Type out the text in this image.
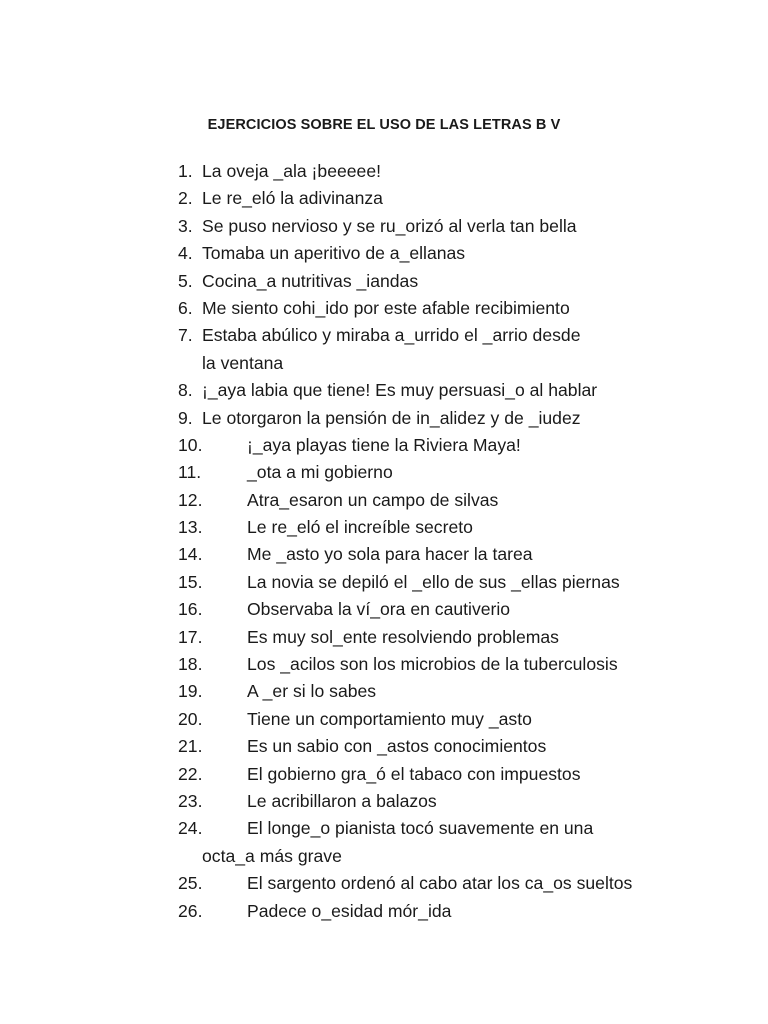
EJERCICIOS SOBRE EL USO DE LAS LETRAS B V
1. La oveja _ala ¡beeeee!
2. Le re_eló la adivinanza
3. Se puso nervioso y se ru_orizó al verla tan bella
4. Tomaba un aperitivo de a_ellanas
5. Cocina_a nutritivas _iandas
6. Me siento cohi_ido por este afable recibimiento
7. Estaba abúlico y miraba a_urrido el _arrio desde
la ventana
8. ¡_aya labia que tiene! Es muy persuasi_o al hablar
9. Le otorgaron la pensión de in_alidez y de _iudez
10.	¡_aya playas tiene la Riviera Maya!
11.	_ota a mi gobierno
12.	Atra_esaron un campo de silvas
13.	Le re_eló el increíble secreto
14.	Me _asto yo sola para hacer la tarea
15.	La novia se depiló el _ello de sus _ellas piernas
16.	Observaba la ví_ora en cautiverio
17.	Es muy sol_ente resolviendo problemas
18.	Los _acilos son los microbios de la tuberculosis
19.	A _er si lo sabes
20.	Tiene un comportamiento muy _asto
21.	Es un sabio con _astos conocimientos
22.	El gobierno gra_ó el tabaco con impuestos
23.	Le acribillaron a balazos
24.	El longe_o pianista tocó suavemente en una
octa_a más grave
25.	El sargento ordenó al cabo atar los ca_os sueltos
26.	Padece o_esidad mór_ida
